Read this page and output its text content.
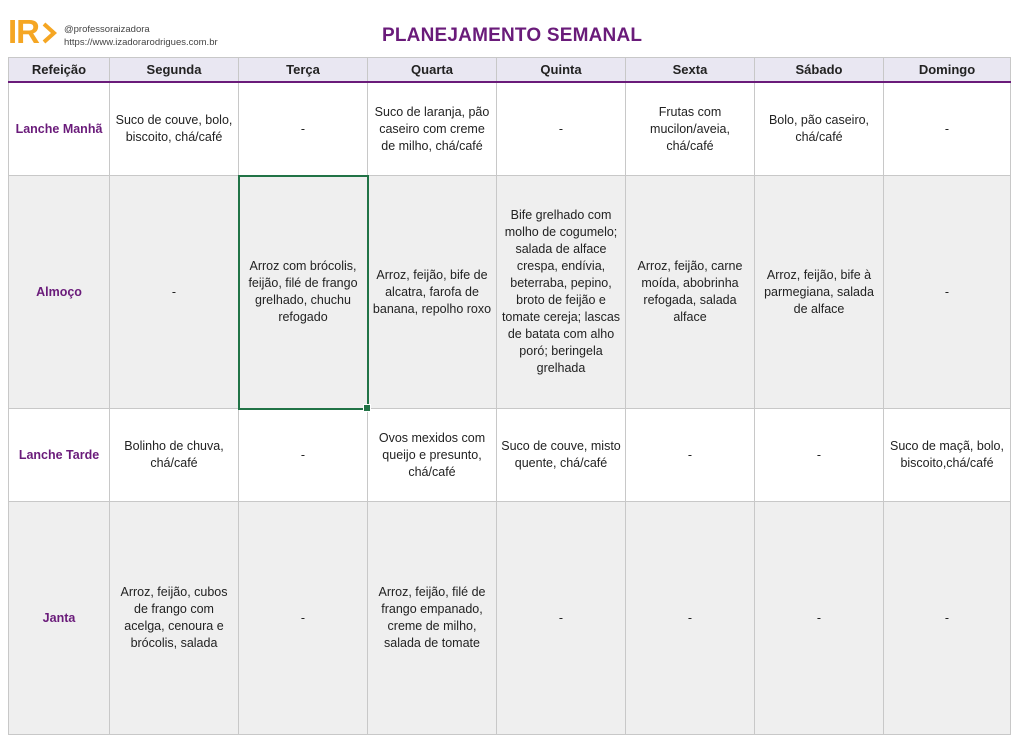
IR	@professoraizadora
https://www.izadorarodrigues.com.br	PLANEJAMENTO SEMANAL
Refeição	Segunda	Terça	Quarta	Quinta	Sexta	Sábado	Domingo
Lanche Manhã	Suco de couve, bolo, biscoito, chá/café	-	Suco de laranja, pão caseiro com creme de milho, chá/café	-	Frutas com mucilon/aveia, chá/café	Bolo, pão caseiro, chá/café	-
Almoço	-	Arroz com brócolis, feijão, filé de frango grelhado, chuchu refogado	Arroz, feijão, bife de alcatra, farofa de banana, repolho roxo	Bife grelhado com molho de cogumelo; salada de alface crespa, endívia, beterraba, pepino, broto de feijão e tomate cereja; lascas de batata com alho poró; beringela grelhada	Arroz, feijão, carne moída, abobrinha refogada, salada alface	Arroz, feijão, bife à parmegiana, salada de alface	-
Lanche Tarde	Bolinho de chuva, chá/café	-	Ovos mexidos com queijo e presunto, chá/café	Suco de couve, misto quente, chá/café	-	-	Suco de maçã, bolo, biscoito,chá/café
Janta	Arroz, feijão, cubos de frango com acelga, cenoura e brócolis, salada	-	Arroz, feijão, filé de frango empanado, creme de milho, salada de tomate	-	-	-	-
